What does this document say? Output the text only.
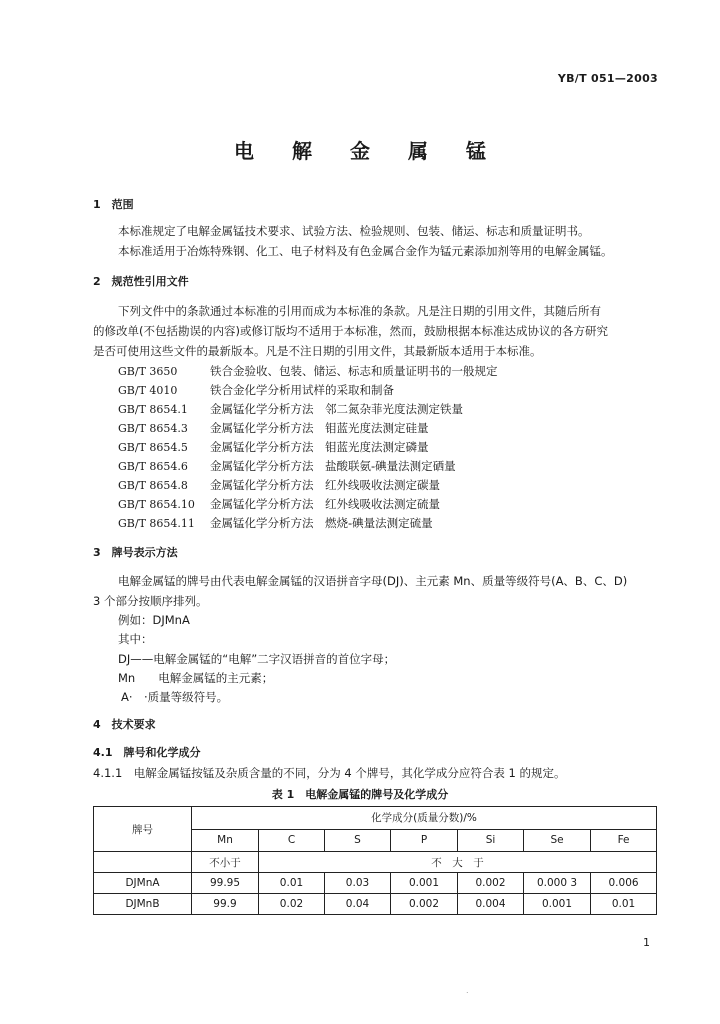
YB/T 051—2003
电解金属锰
1　范围
本标准规定了电解金属锰技术要求、试验方法、检验规则、包装、储运、标志和质量证明书。
本标准适用于冶炼特殊钢、化工、电子材料及有色金属合金作为锰元素添加剂等用的电解金属锰。
2　规范性引用文件
下列文件中的条款通过本标准的引用而成为本标准的条款。凡是注日期的引用文件，其随后所有
的修改单(不包括勘误的内容)或修订版均不适用于本标准，然而，鼓励根据本标准达成协议的各方研究
是否可使用这些文件的最新版本。凡是不注日期的引用文件，其最新版本适用于本标准。
GB/T 3650	铁合金验收、包装、储运、标志和质量证明书的一般规定
GB/T 4010	铁合金化学分析用试样的采取和制备
GB/T 8654.1 金属锰化学分析方法　邻二氮杂菲光度法测定铁量
GB/T 8654.3 金属锰化学分析方法　钼蓝光度法测定硅量
GB/T 8654.5 金属锰化学分析方法　钼蓝光度法测定磷量
GB/T 8654.6 金属锰化学分析方法　盐酸联氨-碘量法测定硒量
GB/T 8654.8 金属锰化学分析方法　红外线吸收法测定碳量
GB/T 8654.10 金属锰化学分析方法　红外线吸收法测定硫量
GB/T 8654.11 金属锰化学分析方法　燃烧-碘量法测定硫量
3　牌号表示方法
电解金属锰的牌号由代表电解金属锰的汉语拼音字母(DJ)、主元素 Mn、质量等级符号(A、B、C、D)
3 个部分按顺序排列。
例如：DJMnA
其中：
DJ——电解金属锰的“电解”二字汉语拼音的首位字母；
Mn　　电解金属锰的主元素；
A·　·质量等级符号。
4　技术要求
4.1　牌号和化学成分
4.1.1　电解金属锰按锰及杂质含量的不同，分为 4 个牌号，其化学成分应符合表 1 的规定。
表 1　电解金属锰的牌号及化学成分
牌号	化学成分(质量分数)/%						
	Mn	C	S	P	Si	Se	Fe
	不小于	不　大　于					
DJMnA	99.95	0.01	0.03	0.001	0.002	0.000 3	0.006
DJMnB	99.9	0.02	0.04	0.002	0.004	0.001	0.01
1
.
